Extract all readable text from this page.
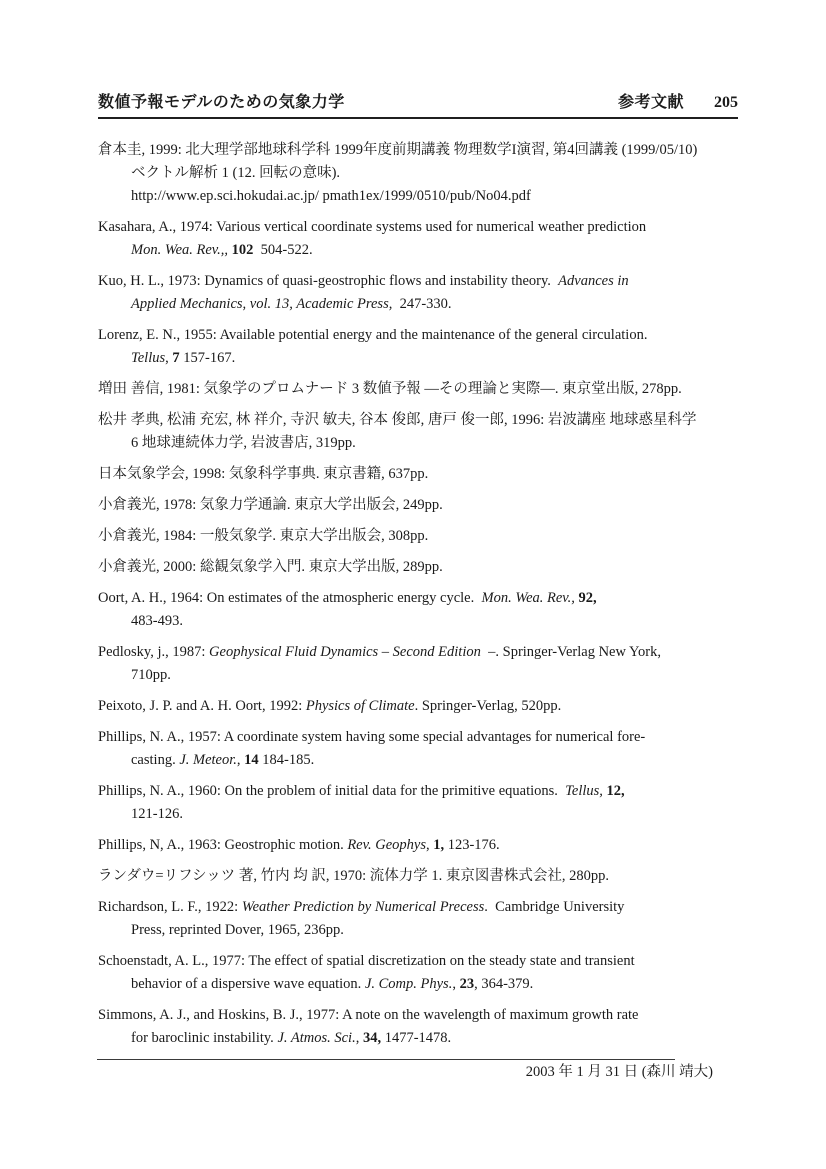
数値予報モデルのための気象力学	参考文献 205

倉本圭, 1999: 北大理学部地球科学科 1999年度前期講義 物理数学I演習, 第4回講義 (1999/05/10)
ベクトル解析 1 (12. 回転の意味).
http://www.ep.sci.hokudai.ac.jp/ pmath1ex/1999/0510/pub/No04.pdf

Kasahara, A., 1974: Various vertical coordinate systems used for numerical weather prediction
Mon. Wea. Rev.,, 102 504-522.

Kuo, H. L., 1973: Dynamics of quasi-geostrophic flows and instability theory. Advances in
Applied Mechanics, vol. 13, Academic Press, 247-330.

Lorenz, E. N., 1955: Available potential energy and the maintenance of the general circulation.
Tellus, 7 157-167.

増田 善信, 1981: 気象学のプロムナード 3 数値予報 —その理論と実際—. 東京堂出版, 278pp.

松井 孝典, 松浦 充宏, 林 祥介, 寺沢 敏夫, 谷本 俊郎, 唐戸 俊一郎, 1996: 岩波講座 地球惑星科学
6 地球連続体力学, 岩波書店, 319pp.

日本気象学会, 1998: 気象科学事典. 東京書籍, 637pp.

小倉義光, 1978: 気象力学通論. 東京大学出版会, 249pp.

小倉義光, 1984: 一般気象学. 東京大学出版会, 308pp.

小倉義光, 2000: 総観気象学入門. 東京大学出版, 289pp.

Oort, A. H., 1964: On estimates of the atmospheric energy cycle. Mon. Wea. Rev., 92,
483-493.

Pedlosky, j., 1987: Geophysical Fluid Dynamics – Second Edition –. Springer-Verlag New York,
710pp.

Peixoto, J. P. and A. H. Oort, 1992: Physics of Climate. Springer-Verlag, 520pp.

Phillips, N. A., 1957: A coordinate system having some special advantages for numerical fore-
casting. J. Meteor., 14 184-185.

Phillips, N. A., 1960: On the problem of initial data for the primitive equations. Tellus, 12,
121-126.

Phillips, N, A., 1963: Geostrophic motion. Rev. Geophys, 1, 123-176.

ランダウ=リフシッツ 著, 竹内 均 訳, 1970: 流体力学 1. 東京図書株式会社, 280pp.

Richardson, L. F., 1922: Weather Prediction by Numerical Precess. Cambridge University
Press, reprinted Dover, 1965, 236pp.

Schoenstadt, A. L., 1977: The effect of spatial discretization on the steady state and transient
behavior of a dispersive wave equation. J. Comp. Phys., 23, 364-379.

Simmons, A. J., and Hoskins, B. J., 1977: A note on the wavelength of maximum growth rate
for baroclinic instability. J. Atmos. Sci., 34, 1477-1478.

2003 年 1 月 31 日 (森川 靖大)
